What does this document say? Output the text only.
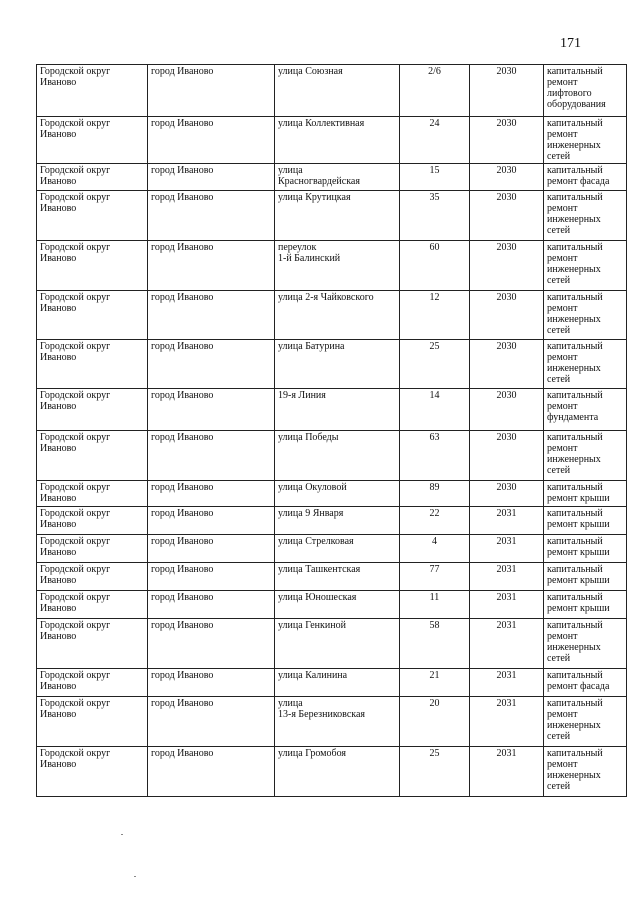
171
Городской округ
Иваново	город Иваново	улица Союзная	2/6	2030	капитальный ремонт лифтового оборудования
Городской округ
Иваново	город Иваново	улица Коллективная	24	2030	капитальный ремонт инженерных сетей
Городской округ
Иваново	город Иваново	улица
Красногвардейская	15	2030	капитальный ремонт фасада
Городской округ
Иваново	город Иваново	улица Крутицкая	35	2030	капитальный ремонт инженерных сетей
Городской округ
Иваново	город Иваново	переулок
1-й Балинский	60	2030	капитальный ремонт инженерных сетей
Городской округ
Иваново	город Иваново	улица 2-я Чайковского	12	2030	капитальный ремонт инженерных сетей
Городской округ
Иваново	город Иваново	улица Батурина	25	2030	капитальный ремонт инженерных сетей
Городской округ
Иваново	город Иваново	19-я Линия	14	2030	капитальный ремонт фундамента
Городской округ
Иваново	город Иваново	улица Победы	63	2030	капитальный ремонт инженерных сетей
Городской округ
Иваново	город Иваново	улица Окуловой	89	2030	капитальный ремонт крыши
Городской округ
Иваново	город Иваново	улица 9 Января	22	2031	капитальный ремонт крыши
Городской округ
Иваново	город Иваново	улица Стрелковая	4	2031	капитальный ремонт крыши
Городской округ
Иваново	город Иваново	улица Ташкентская	77	2031	капитальный ремонт крыши
Городской округ
Иваново	город Иваново	улица Юношеская	11	2031	капитальный ремонт крыши
Городской округ
Иваново	город Иваново	улица Генкиной	58	2031	капитальный ремонт инженерных сетей
Городской округ
Иваново	город Иваново	улица Калинина	21	2031	капитальный ремонт фасада
Городской округ
Иваново	город Иваново	улица
13-я Березниковская	20	2031	капитальный ремонт инженерных сетей
Городской округ
Иваново	город Иваново	улица Громобоя	25	2031	капитальный ремонт инженерных сетей
